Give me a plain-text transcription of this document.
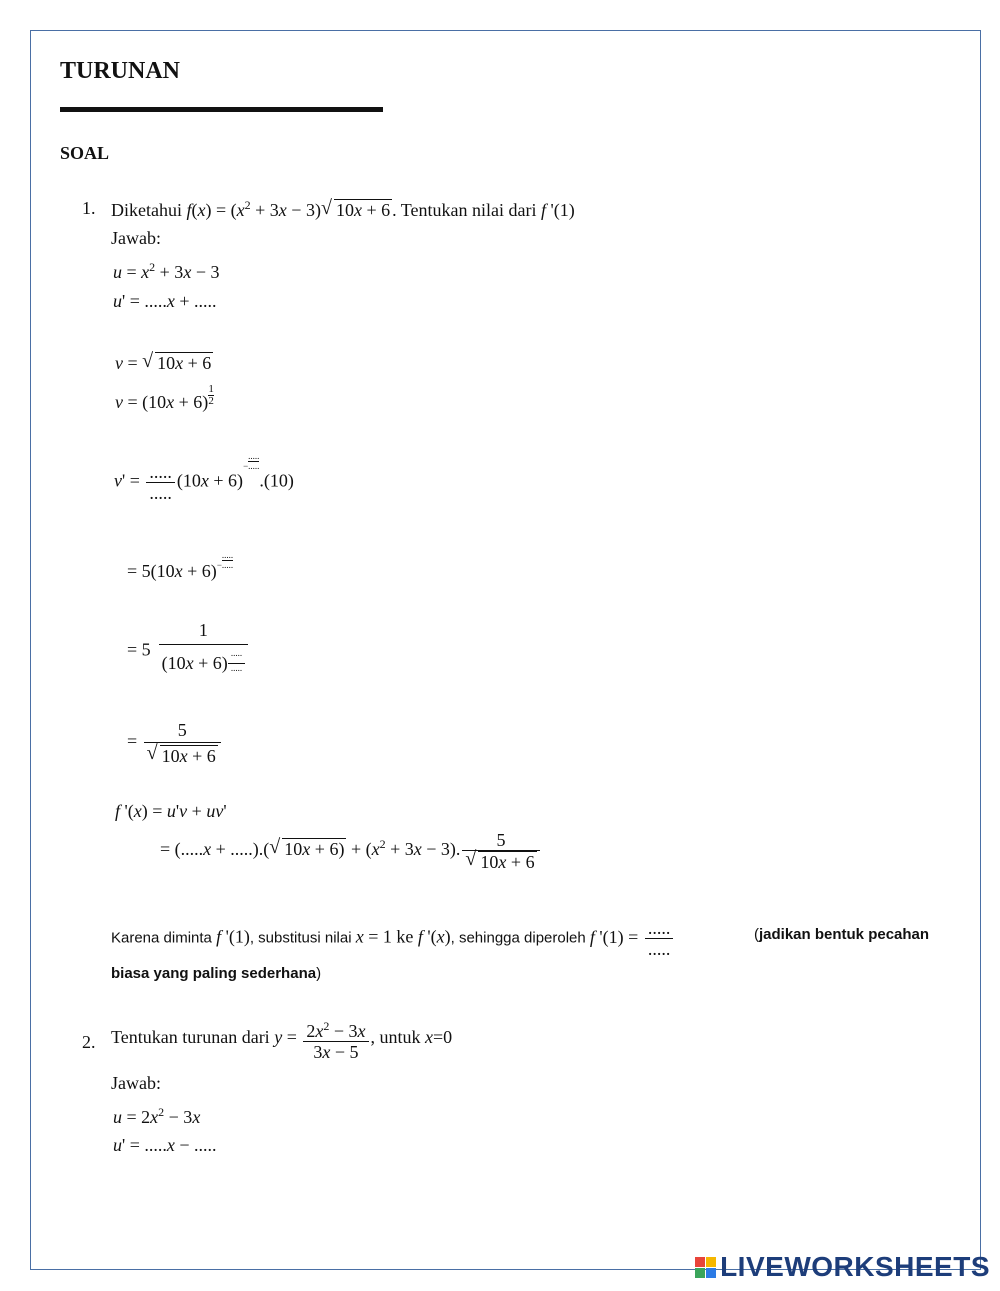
TURUNAN
SOAL
1. Diketahui $f(x) = (x^2 + 3x - 3)√$ 10x + 6 . Tentukan nilai dari f '(1)
Jawab:
$u = x^2 + 3x - 3$
u' = .....x + .....
v = √ 10x + 6
$v = (10x + 6) \frac{1}{2}$
$v' = \frac{.....}{.....} (10x + 6)-$
.....
......(10)
= 5(10x + 6)−
.....
.....
= 5 1
(10x + 6) .....
.....
= 5
√ 10x + 6
f '(x) = u'v + uv'
= (.....x + .....).(√ $10x + 6) + (x^2 + 3x - 3)$. 5
√ 10x + 6
Karena diminta f '(1), substitusi nilai x = 1 ke f '(x), sehingga diperoleh f '$(1) = \frac{.....}{.....}$	(jadikan bentuk pecahan
biasa yang paling sederhana)
2. Tentukan turunan dari $y = \frac{2x^2 - 3x}{3x - 5}$ , untuk x=0
Jawab:
$u = 2x^2 - 3x$
u' = .....x − .....
LIVEWORKSHEETS
